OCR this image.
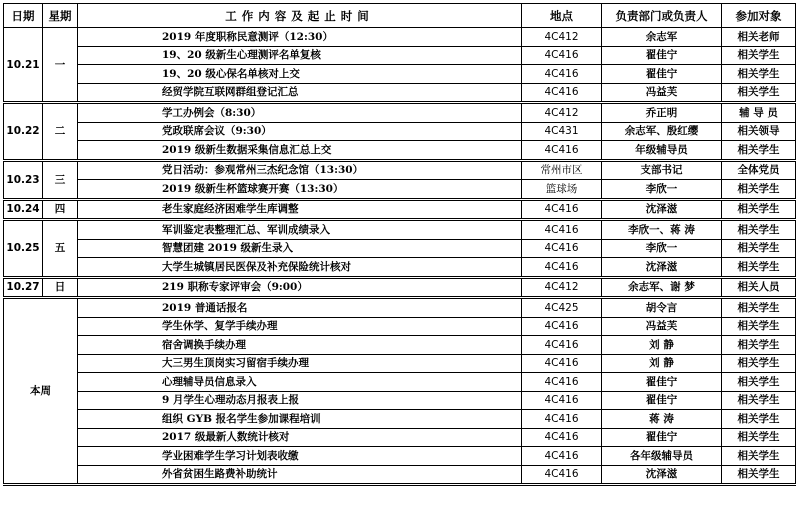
日期	星期	工作内容及起止时间	地点	负责部门或负责人	参加对象
10.21	一	2019 年度职称民意测评（12:30）	4C412	余志军	相关老师
		19、20 级新生心理测评名单复核	4C416	翟佳宁	相关学生
		19、20 级心保名单核对上交	4C416	翟佳宁	相关学生
		经贸学院互联网群组登记汇总	4C416	冯益芙	相关学生
10.22	二	学工办例会（8:30）	4C412	乔正明	辅 导 员
		党政联席会议（9:30）	4C431	余志军、殷红缨	相关领导
		2019 级新生数据采集信息汇总上交	4C416	年级辅导员	相关学生
10.23	三	党日活动：参观常州三杰纪念馆（13:30）	常州市区	支部书记	全体党员
		2019 级新生杯篮球赛开赛（13:30）	篮球场	李欣一	相关学生
10.24	四	老生家庭经济困难学生库调整	4C416	沈泽滋	相关学生
10.25	五	军训鉴定表整理汇总、军训成绩录入	4C416	李欣一、蒋 涛	相关学生
		智慧团建 2019 级新生录入	4C416	李欣一	相关学生
		大学生城镇居民医保及补充保险统计核对	4C416	沈泽滋	相关学生
10.27	日	219 职称专家评审会（9:00）	4C412	余志军、谢 梦	相关人员
本周		2019 普通话报名	4C425	胡令言	相关学生
		学生休学、复学手续办理	4C416	冯益芙	相关学生
		宿舍调换手续办理	4C416	刘 静	相关学生
		大三男生顶岗实习留宿手续办理	4C416	刘 静	相关学生
		心理辅导员信息录入	4C416	翟佳宁	相关学生
		9 月学生心理动态月报表上报	4C416	翟佳宁	相关学生
		组织 GYB 报名学生参加课程培训	4C416	蒋 涛	相关学生
		2017 级最新人数统计核对	4C416	翟佳宁	相关学生
		学业困难学生学习计划表收缴	4C416	各年级辅导员	相关学生
		外省贫困生路费补助统计	4C416	沈泽滋	相关学生
